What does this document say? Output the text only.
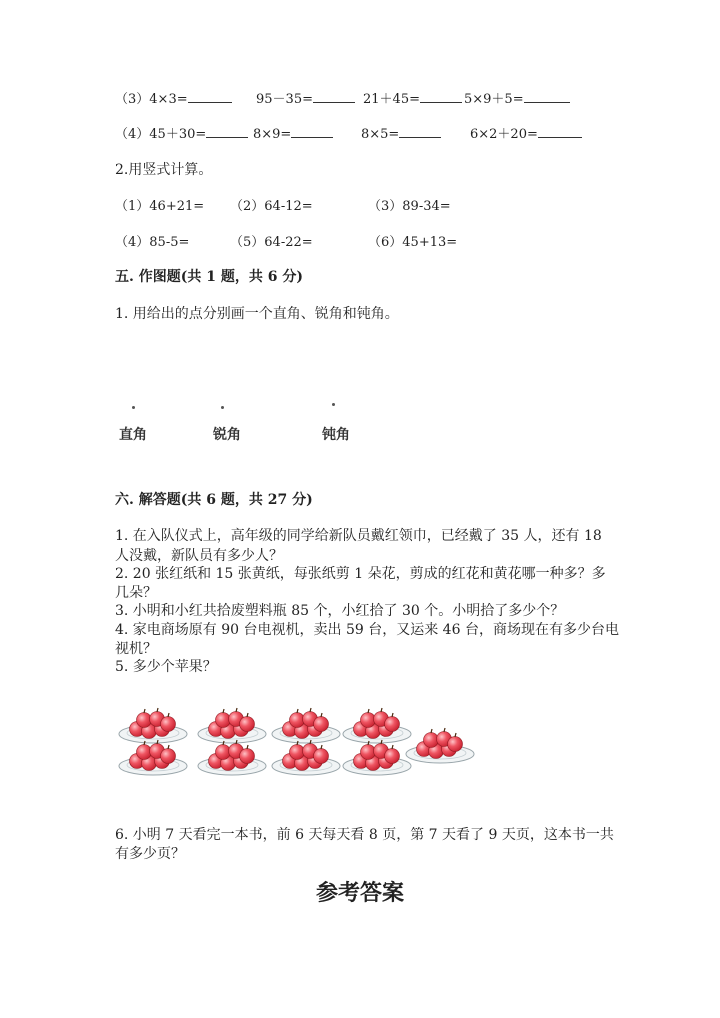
（3）4×3=	95－35=	21＋45=	5×9＋5=
（4）45＋30=	8×9=	8×5=	6×2＋20=
2.用竖式计算。
（1）46+21= （2）64-12=	（3）89-34=
（4）85-5=	（5）64-22=	（6）45+13=
五. 作图题(共 1 题，共 6 分)
1. 用给出的点分别画一个直角、锐角和钝角。
直角	锐角	钝角
六. 解答题(共 6 题，共 27 分)
1. 在入队仪式上，高年级的同学给新队员戴红领巾，已经戴了 35 人，还有 18
人没戴，新队员有多少人？
2. 20 张红纸和 15 张黄纸，每张纸剪 1 朵花，剪成的红花和黄花哪一种多？多
几朵？
3. 小明和小红共拾废塑料瓶 85 个，小红拾了 30 个。小明拾了多少个？
4. 家电商场原有 90 台电视机，卖出 59 台，又运来 46 台，商场现在有多少台电
视机？
5. 多少个苹果？
6. 小明 7 天看完一本书，前 6 天每天看 8 页，第 7 天看了 9 天页，这本书一共
有多少页？
参考答案
